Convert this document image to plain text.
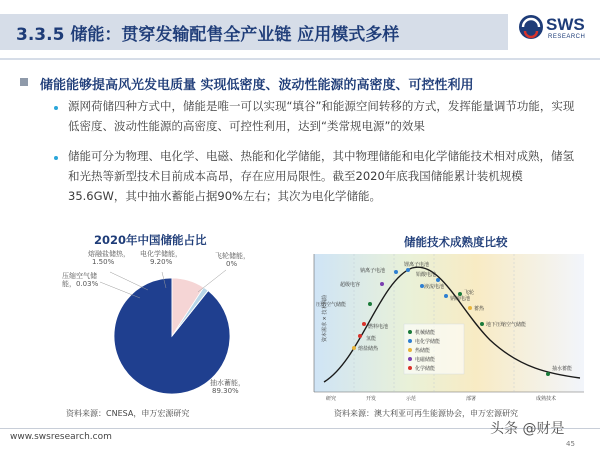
3.3.5 储能：贯穿发输配售全产业链 应用模式多样
SWS
RESEARCH
储能能够提高风光发电质量 实现低密度、波动性能源的高密度、可控性利用
源网荷储四种方式中，储能是唯一可以实现“填谷”和能源空间转移的方式，发挥能量调节功能，实现低密度、波动性能源的高密度、可控性利用，达到“类常规电源”的效果
储能可分为物理、电化学、电磁、热能和化学储能，其中物理储能和电化学储能技术相对成熟，储氢和光热等新型技术目前成本高昂，存在应用局限性。截至2020年底我国储能累计装机规模35.6GW，其中抽水蓄能占据90%左右；其次为电化学储能。
2020年中国储能占比
熔融盐储热， 1.50%
电化学储能， 9.20%
飞轮储能， 0%
压缩空气储能，0.03%
抽水蓄能， 89.30%
资料来源：CNESA，申万宏源研究
储能技术成熟度比较
资本需求 × 技术风险
研究	开发	示范	部署	成熟技术
锂离子电池
铅酸电池
液流电池
钠硫电池
超级电容
压缩空气储能
钠离子电池
飞轮
燃料电池
蓄热
地下压缩空气储能
氢能
熔盐储热
抽水蓄能
机械储能
电化学储能
热储能
电磁储能
化学储能
资料来源：澳大利亚可再生能源协会，申万宏源研究
www.swsresearch.com	头条 @财是
45
